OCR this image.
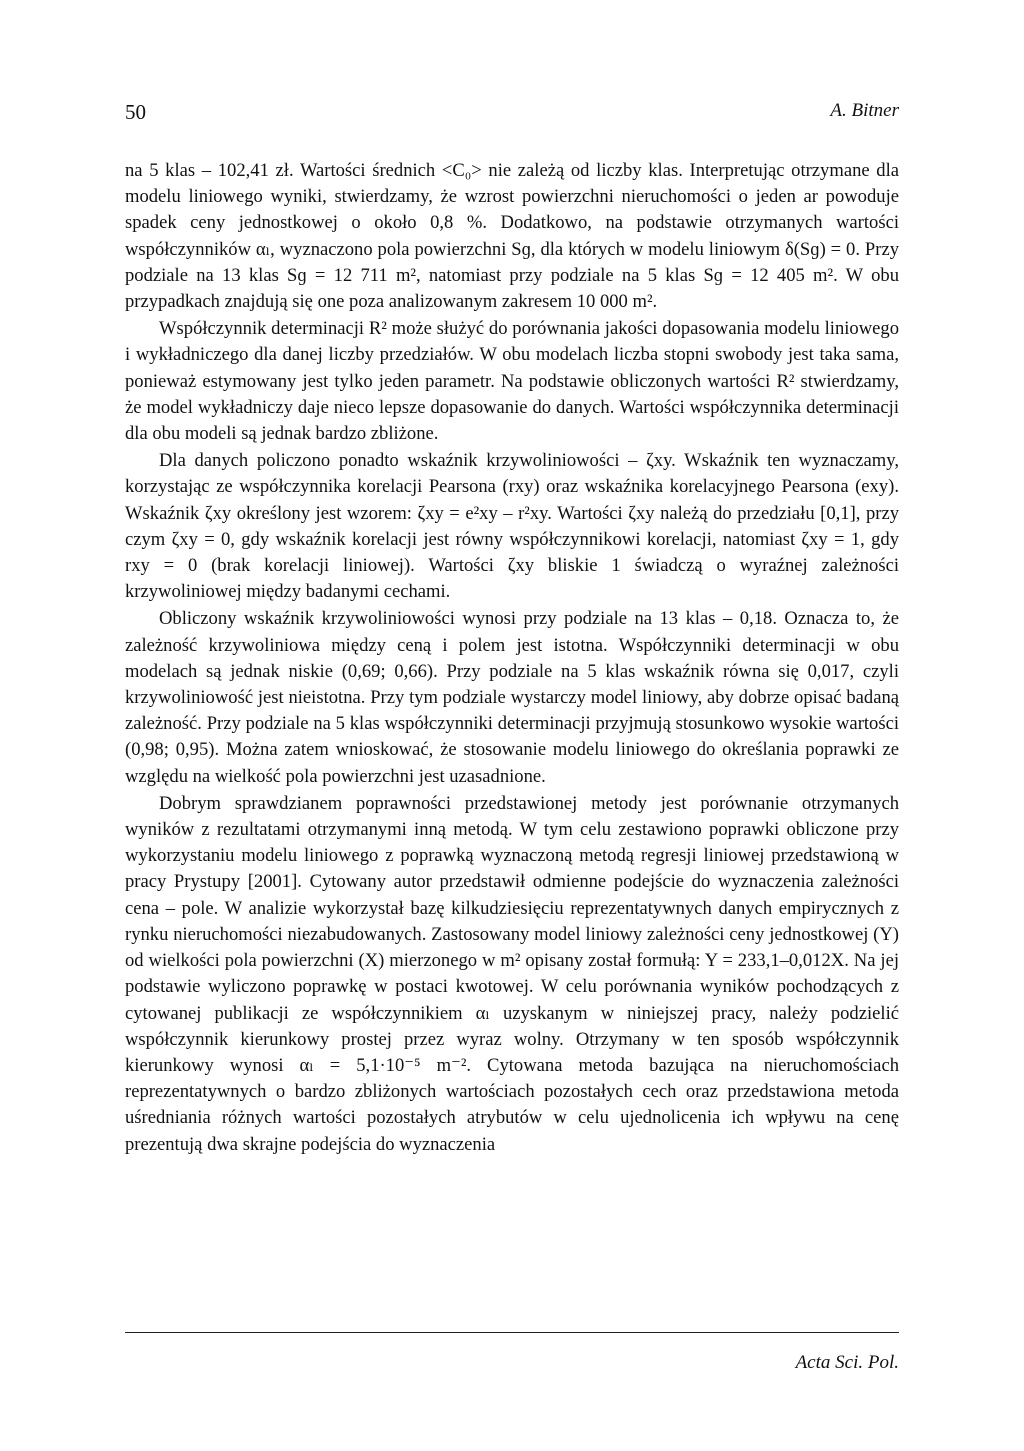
50	A. Bitner

na 5 klas – 102,41 zł. Wartości średnich <C₀> nie zależą od liczby klas. Interpretując otrzymane dla modelu liniowego wyniki, stwierdzamy, że wzrost powierzchni nieruchomości o jeden ar powoduje spadek ceny jednostkowej o około 0,8 %. Dodatkowo, na podstawie otrzymanych wartości współczynników αₗ, wyznaczono pola powierzchni Sɡ, dla których w modelu liniowym δ(Sɡ) = 0. Przy podziale na 13 klas Sɡ = 12 711 m², natomiast przy podziale na 5 klas Sɡ = 12 405 m². W obu przypadkach znajdują się one poza analizowanym zakresem 10 000 m².

Współczynnik determinacji R² może służyć do porównania jakości dopasowania modelu liniowego i wykładniczego dla danej liczby przedziałów. W obu modelach liczba stopni swobody jest taka sama, ponieważ estymowany jest tylko jeden parametr. Na podstawie obliczonych wartości R² stwierdzamy, że model wykładniczy daje nieco lepsze dopasowanie do danych. Wartości współczynnika determinacji dla obu modeli są jednak bardzo zbliżone.

Dla danych policzono ponadto wskaźnik krzywoliniowości – ζxy. Wskaźnik ten wyznaczamy, korzystając ze współczynnika korelacji Pearsona (rxy) oraz wskaźnika korelacyjnego Pearsona (exy). Wskaźnik ζxy określony jest wzorem: ζxy = e²xy – r²xy. Wartości ζxy należą do przedziału [0,1], przy czym ζxy = 0, gdy wskaźnik korelacji jest równy współczynnikowi korelacji, natomiast ζxy = 1, gdy rxy = 0 (brak korelacji liniowej). Wartości ζxy bliskie 1 świadczą o wyraźnej zależności krzywoliniowej między badanymi cechami.

Obliczony wskaźnik krzywoliniowości wynosi przy podziale na 13 klas – 0,18. Oznacza to, że zależność krzywoliniowa między ceną i polem jest istotna. Współczynniki determinacji w obu modelach są jednak niskie (0,69; 0,66). Przy podziale na 5 klas wskaźnik równa się 0,017, czyli krzywoliniowość jest nieistotna. Przy tym podziale wystarczy model liniowy, aby dobrze opisać badaną zależność. Przy podziale na 5 klas współczynniki determinacji przyjmują stosunkowo wysokie wartości (0,98; 0,95). Można zatem wnioskować, że stosowanie modelu liniowego do określania poprawki ze względu na wielkość pola powierzchni jest uzasadnione.

Dobrym sprawdzianem poprawności przedstawionej metody jest porównanie otrzymanych wyników z rezultatami otrzymanymi inną metodą. W tym celu zestawiono poprawki obliczone przy wykorzystaniu modelu liniowego z poprawką wyznaczoną metodą regresji liniowej przedstawioną w pracy Prystupy [2001]. Cytowany autor przedstawił odmienne podejście do wyznaczenia zależności cena – pole. W analizie wykorzystał bazę kilkudziesięciu reprezentatywnych danych empirycznych z rynku nieruchomości niezabudowanych. Zastosowany model liniowy zależności ceny jednostkowej (Y) od wielkości pola powierzchni (X) mierzonego w m² opisany został formułą: Y = 233,1–0,012X. Na jej podstawie wyliczono poprawkę w postaci kwotowej. W celu porównania wyników pochodzących z cytowanej publikacji ze współczynnikiem αₗ uzyskanym w niniejszej pracy, należy podzielić współczynnik kierunkowy prostej przez wyraz wolny. Otrzymany w ten sposób współczynnik kierunkowy wynosi αₗ = 5,1·10⁻⁵ m⁻². Cytowana metoda bazująca na nieruchomościach reprezentatywnych o bardzo zbliżonych wartościach pozostałych cech oraz przedstawiona metoda uśredniania różnych wartości pozostałych atrybutów w celu ujednolicenia ich wpływu na cenę prezentują dwa skrajne podejścia do wyznaczenia

Acta Sci. Pol.
